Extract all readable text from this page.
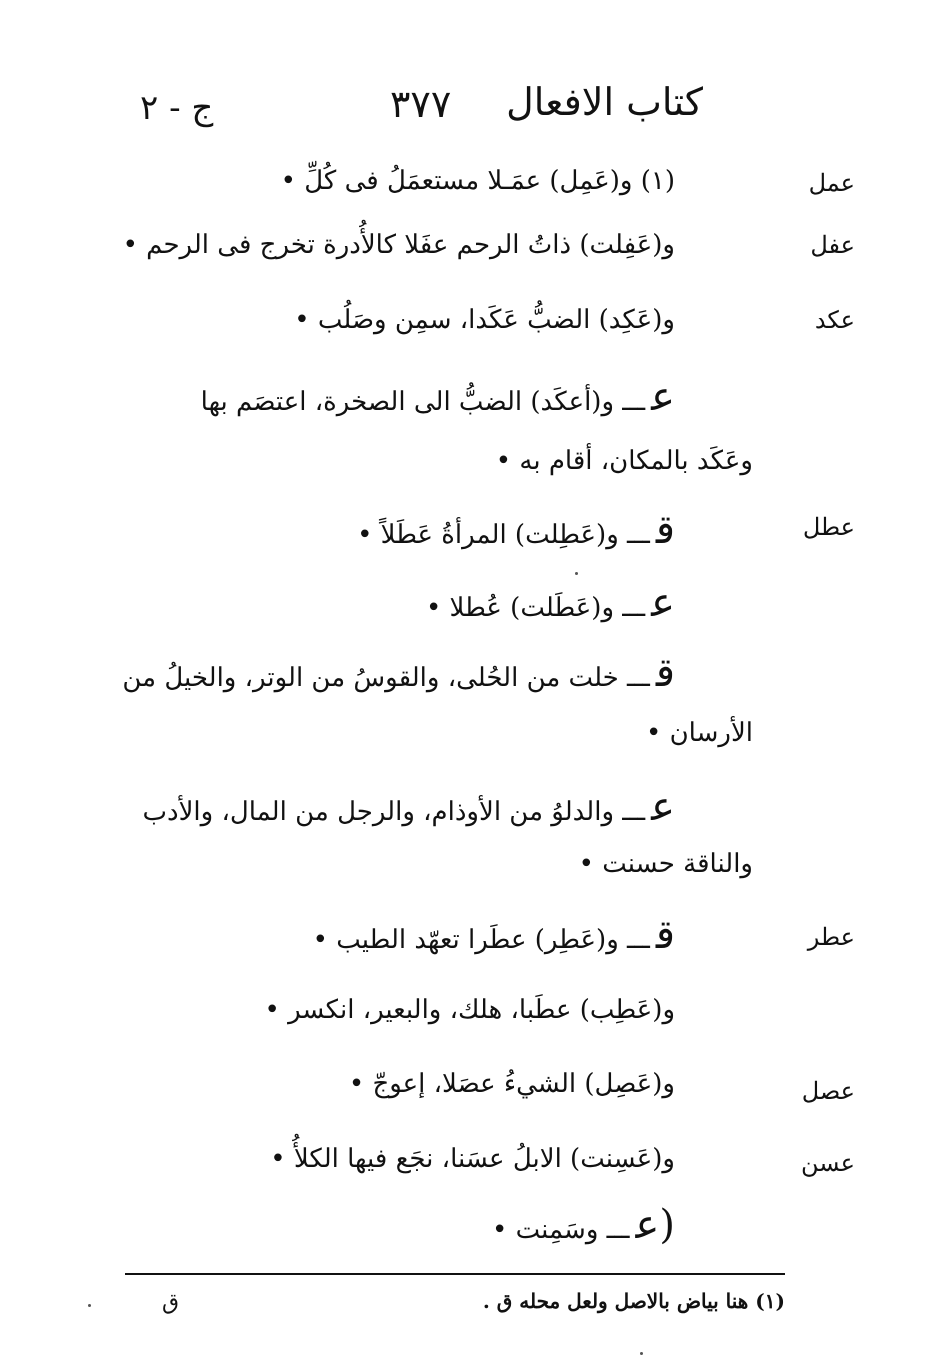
كتاب الافعال
٣٧٧
ج - ٢
عمل
عفل
عكد
عطل
عطر
عصل
عسن
(١) و(عَمِل) عمَـلا مستعمَلُ فى كُلِّ •
و(عَفِلت) ذاتُ الرحم عفَلا كالأُدرة تخرج فى الرحم •
و(عَكِد) الضبُّ عَكَدا، سمِن وصَلُب •
عـــ و(أعكَد) الضبُّ الى الصخرة، اعتصَم بها
وعَكَد بالمكان، أقام به •
قـــ و(عَطِلت) المرأةُ عَطَلاً •
عـــ و(عَطَلت) عُطلا •
قـــ خلت من الحُلى، والقوسُ من الوتر، والخيلُ من
الأرسان •
عـــ والدلوُ من الأوذام، والرجل من المال، والأدب
والناقة حسنت •
قـــ و(عَطِر) عطَرا تعهّد الطيب •
و(عَطِب) عطَبا، هلك، والبعير، انكسر •
و(عَصِل) الشيءُ عصَلا، إعوجّ •
و(عَسِنت) الابلُ عسَنا، نجَع فيها الكلأُ •
(عـــ وسَمِنت •
(١) هنا بياض بالاصل ولعل محله ق .
ق
